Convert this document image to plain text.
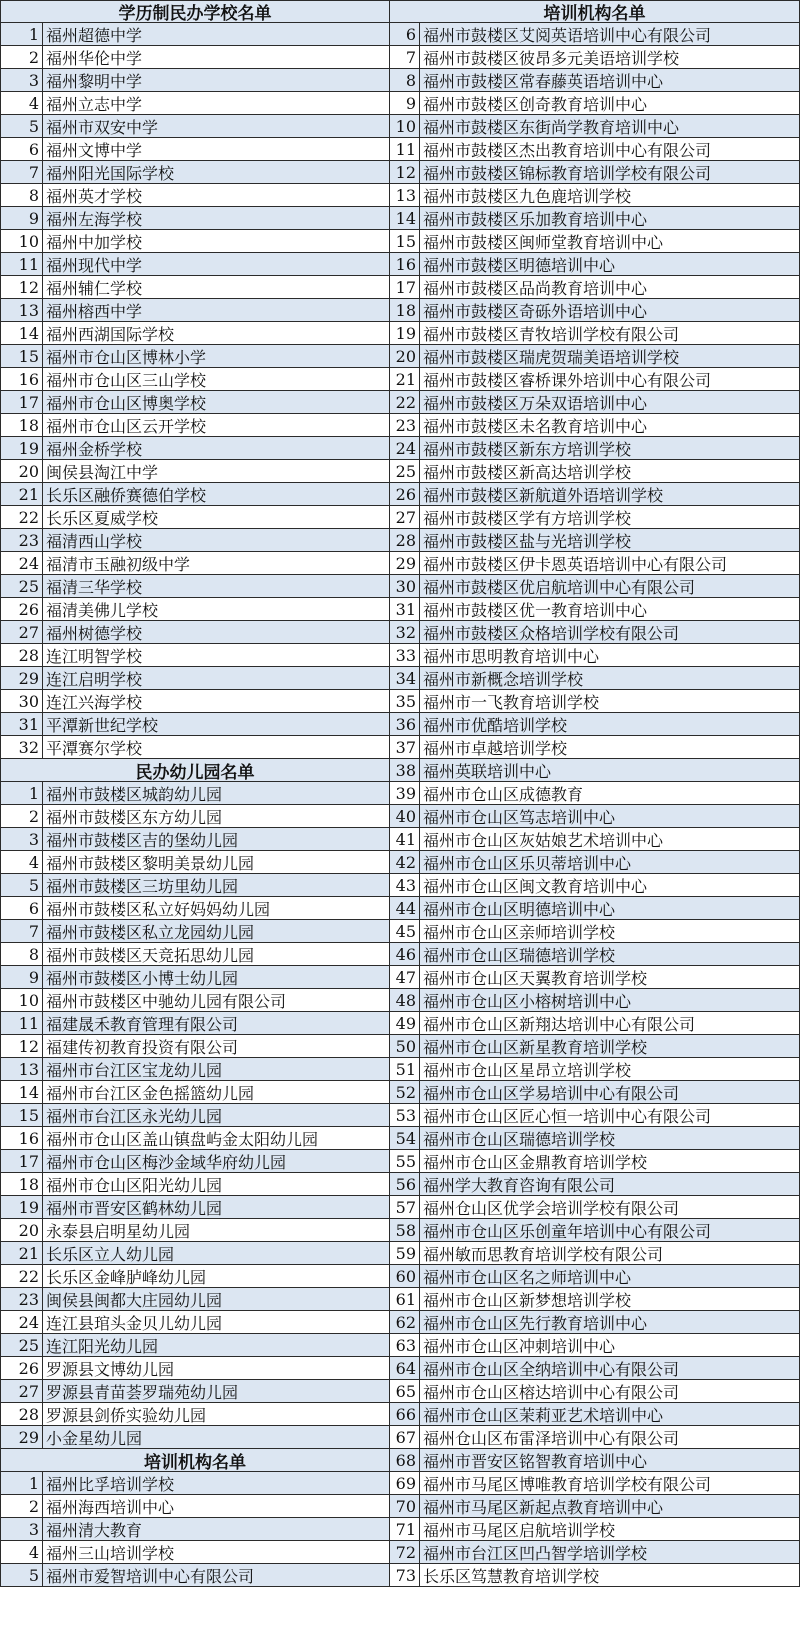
学历制民办学校名单
1 福州超德中学
2 福州华伦中学
3 福州黎明中学
4 福州立志中学
5 福州市双安中学
6 福州文博中学
7 福州阳光国际学校
8 福州英才学校
9 福州左海学校
10 福州中加学校
11 福州现代中学
12 福州辅仁学校
13 福州榕西中学
14 福州西湖国际学校
15 福州市仓山区博林小学
16 福州市仓山区三山学校
17 福州市仓山区博奥学校
18 福州市仓山区云开学校
19 福州金桥学校
20 闽侯县淘江中学
21 长乐区融侨赛德伯学校
22 长乐区夏威学校
23 福清西山学校
24 福清市玉融初级中学
25 福清三华学校
26 福清美佛儿学校
27 福州树德学校
28 连江明智学校
29 连江启明学校
30 连江兴海学校
31 平潭新世纪学校
32 平潭赛尔学校
民办幼儿园名单
1 福州市鼓楼区城韵幼儿园
2 福州市鼓楼区东方幼儿园
3 福州市鼓楼区吉的堡幼儿园
4 福州市鼓楼区黎明美景幼儿园
5 福州市鼓楼区三坊里幼儿园
6 福州市鼓楼区私立好妈妈幼儿园
7 福州市鼓楼区私立龙园幼儿园
8 福州市鼓楼区天竞拓思幼儿园
9 福州市鼓楼区小博士幼儿园
10 福州市鼓楼区中驰幼儿园有限公司
11 福建晟禾教育管理有限公司
12 福建传初教育投资有限公司
13 福州市台江区宝龙幼儿园
14 福州市台江区金色摇篮幼儿园
15 福州市台江区永光幼儿园
16 福州市仓山区盖山镇盘屿金太阳幼儿园
17 福州市仓山区梅沙金域华府幼儿园
18 福州市仓山区阳光幼儿园
19 福州市晋安区鹤林幼儿园
20 永泰县启明星幼儿园
21 长乐区立人幼儿园
22 长乐区金峰胪峰幼儿园
23 闽侯县闽都大庄园幼儿园
24 连江县琯头金贝儿幼儿园
25 连江阳光幼儿园
26 罗源县文博幼儿园
27 罗源县青苗荟罗瑞苑幼儿园
28 罗源县剑侨实验幼儿园
29 小金星幼儿园
培训机构名单
1 福州比孚培训学校
2 福州海西培训中心
3 福州清大教育
4 福州三山培训学校
5 福州市爱智培训中心有限公司
培训机构名单
6 福州市鼓楼区艾阅英语培训中心有限公司
7 福州市鼓楼区彼昂多元美语培训学校
8 福州市鼓楼区常春藤英语培训中心
9 福州市鼓楼区创奇教育培训中心
10 福州市鼓楼区东街尚学教育培训中心
11 福州市鼓楼区杰出教育培训中心有限公司
12 福州市鼓楼区锦标教育培训学校有限公司
13 福州市鼓楼区九色鹿培训学校
14 福州市鼓楼区乐加教育培训中心
15 福州市鼓楼区闽师堂教育培训中心
16 福州市鼓楼区明德培训中心
17 福州市鼓楼区品尚教育培训中心
18 福州市鼓楼区奇砾外语培训中心
19 福州市鼓楼区青牧培训学校有限公司
20 福州市鼓楼区瑞虎贺瑞美语培训学校
21 福州市鼓楼区睿桥课外培训中心有限公司
22 福州市鼓楼区万朵双语培训中心
23 福州市鼓楼区未名教育培训中心
24 福州市鼓楼区新东方培训学校
25 福州市鼓楼区新高达培训学校
26 福州市鼓楼区新航道外语培训学校
27 福州市鼓楼区学有方培训学校
28 福州市鼓楼区盐与光培训学校
29 福州市鼓楼区伊卡恩英语培训中心有限公司
30 福州市鼓楼区优启航培训中心有限公司
31 福州市鼓楼区优一教育培训中心
32 福州市鼓楼区众格培训学校有限公司
33 福州市思明教育培训中心
34 福州市新概念培训学校
35 福州市一飞教育培训学校
36 福州市优酷培训学校
37 福州市卓越培训学校
38 福州英联培训中心
39 福州市仓山区成德教育
40 福州市仓山区笃志培训中心
41 福州市仓山区灰姑娘艺术培训中心
42 福州市仓山区乐贝蒂培训中心
43 福州市仓山区闽文教育培训中心
44 福州市仓山区明德培训中心
45 福州市仓山区亲师培训学校
46 福州市仓山区瑞德培训学校
47 福州市仓山区天翼教育培训学校
48 福州市仓山区小榕树培训中心
49 福州市仓山区新翔达培训中心有限公司
50 福州市仓山区新星教育培训学校
51 福州市仓山区星昂立培训学校
52 福州市仓山区学易培训中心有限公司
53 福州市仓山区匠心恒一培训中心有限公司
54 福州市仓山区瑞德培训学校
55 福州市仓山区金鼎教育培训学校
56 福州学大教育咨询有限公司
57 福州仓山区优学会培训学校有限公司
58 福州市仓山区乐创童年培训中心有限公司
59 福州敏而思教育培训学校有限公司
60 福州市仓山区名之师培训中心
61 福州市仓山区新梦想培训学校
62 福州市仓山区先行教育培训中心
63 福州市仓山区冲刺培训中心
64 福州市仓山区全纳培训中心有限公司
65 福州市仓山区榕达培训中心有限公司
66 福州市仓山区茉莉亚艺术培训中心
67 福州仓山区布雷泽培训中心有限公司
68 福州市晋安区铭智教育培训中心
69 福州市马尾区博唯教育培训学校有限公司
70 福州市马尾区新起点教育培训中心
71 福州市马尾区启航培训学校
72 福州市台江区凹凸智学培训学校
73 长乐区笃慧教育培训学校
